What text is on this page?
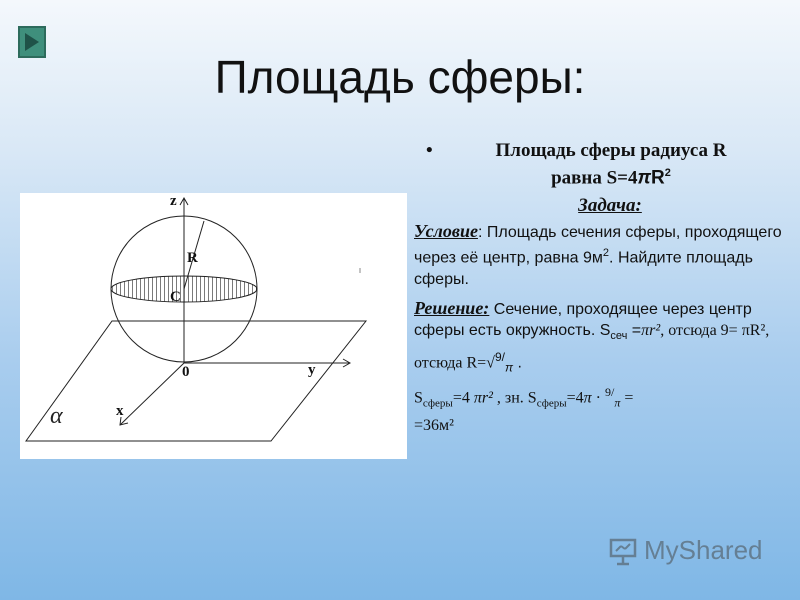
Площадь сферы:
z
R
C
0	y
x
α
•	Площадь сферы радиуса R
равна $S=4\pi R^2$
Задача:
Условие: Площадь сечения сферы, проходящего через её центр, равна $9м^2$. Найдите площадь сферы.
Решение: Сечение, проходящее через центр сферы есть окружность. $S_{сеч} =\pi r^2$, отсюда 9= πR², отсюда R=√$^{9/}_\pi$ .
$S_{сферы}=4$ πr² , зн. $S_{сферы}=4\pi \cdot ^{9/}_\pi$ =
=36м²
MyShared
